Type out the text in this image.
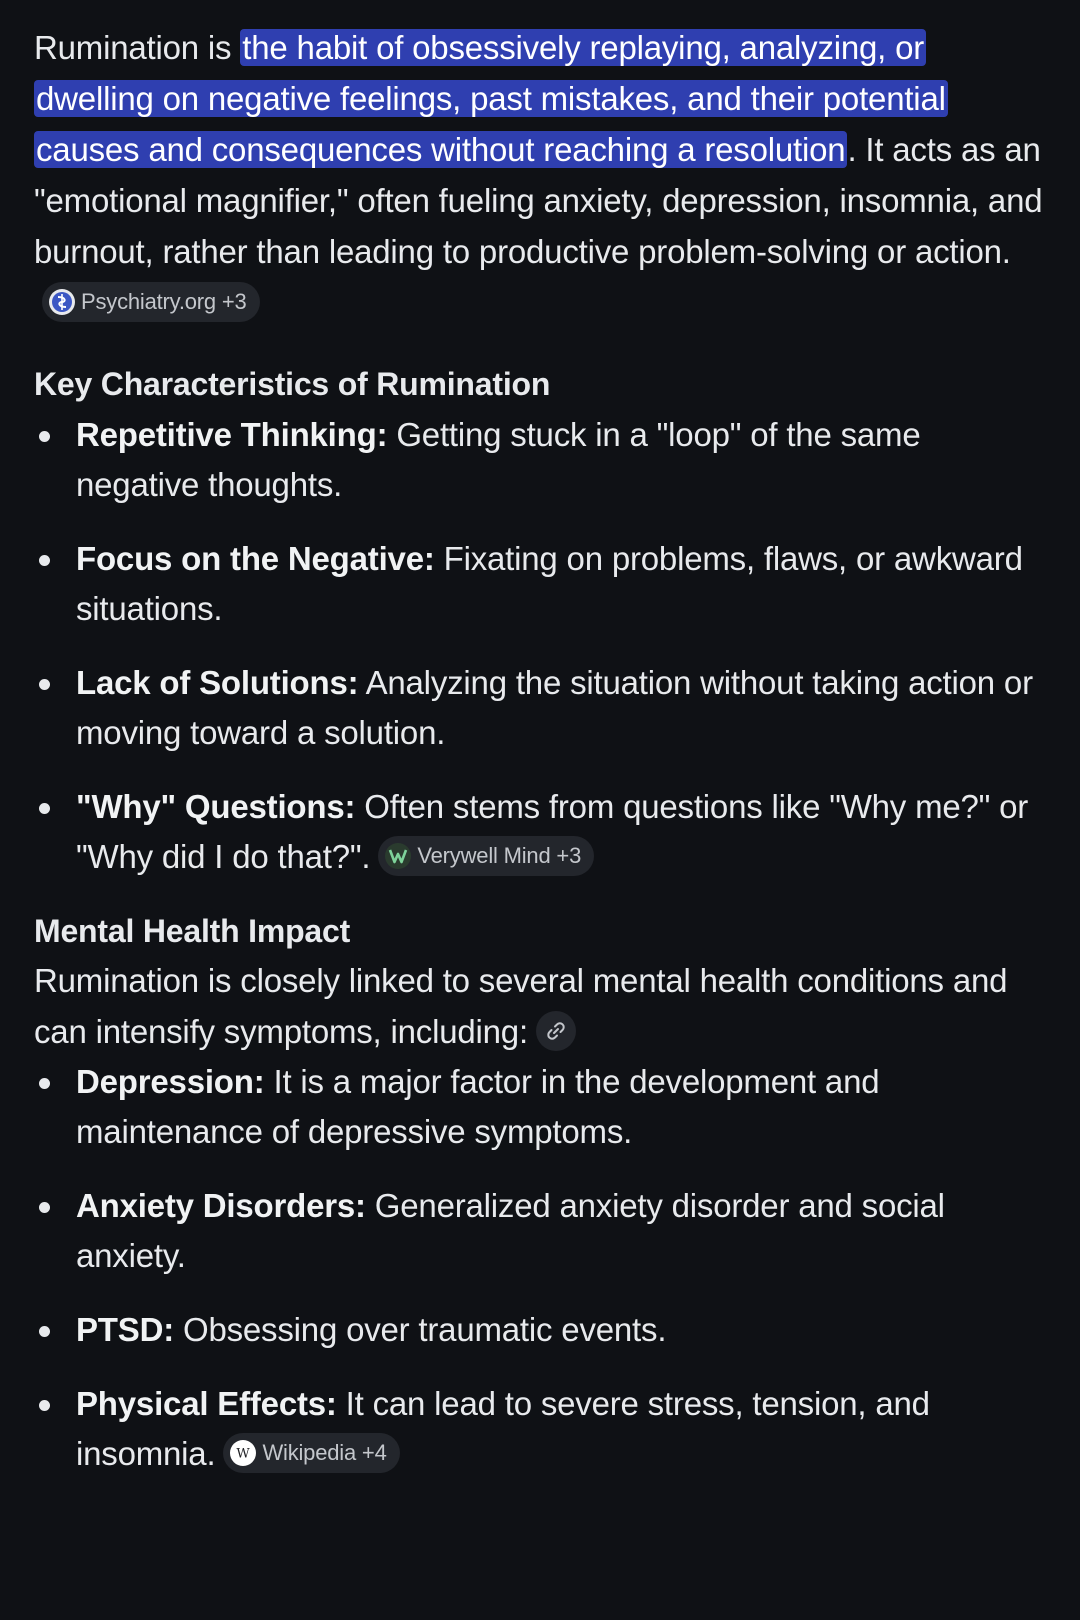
Rumination is the habit of obsessively replaying, analyzing, or dwelling on negative feelings, past mistakes, and their potential causes and consequences without reaching a resolution. It acts as an "emotional magnifier," often fueling anxiety, depression, insomnia, and burnout, rather than leading to productive problem-solving or action.
Psychiatry.org +3

Key Characteristics of Rumination
Repetitive Thinking: Getting stuck in a "loop" of the same negative thoughts.
Focus on the Negative: Fixating on problems, flaws, or awkward situations.
Lack of Solutions: Analyzing the situation without taking action or moving toward a solution.
"Why" Questions: Often stems from questions like "Why me?" or "Why did I do that?". Verywell Mind +3
Mental Health Impact

Rumination is closely linked to several mental health conditions and can intensify symptoms, including:

Depression: It is a major factor in the development and maintenance of depressive symptoms.
Anxiety Disorders: Generalized anxiety disorder and social anxiety.
PTSD: Obsessing over traumatic events.
Physical Effects: It can lead to severe stress, tension, and insomnia. W Wikipedia +4
